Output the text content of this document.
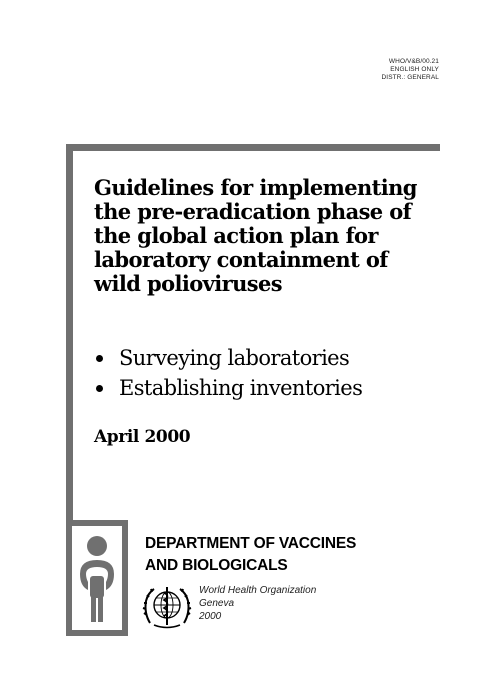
WHO/V&B/00.21
ENGLISH ONLY
DISTR.: GENERAL
Guidelines for implementing
the pre-eradication phase of
the global action plan for
laboratory containment of
wild polioviruses
Surveying laboratories
Establishing inventories

April 2000

DEPARTMENT OF VACCINES
AND BIOLOGICALS
World Health Organization
Geneva
2000
